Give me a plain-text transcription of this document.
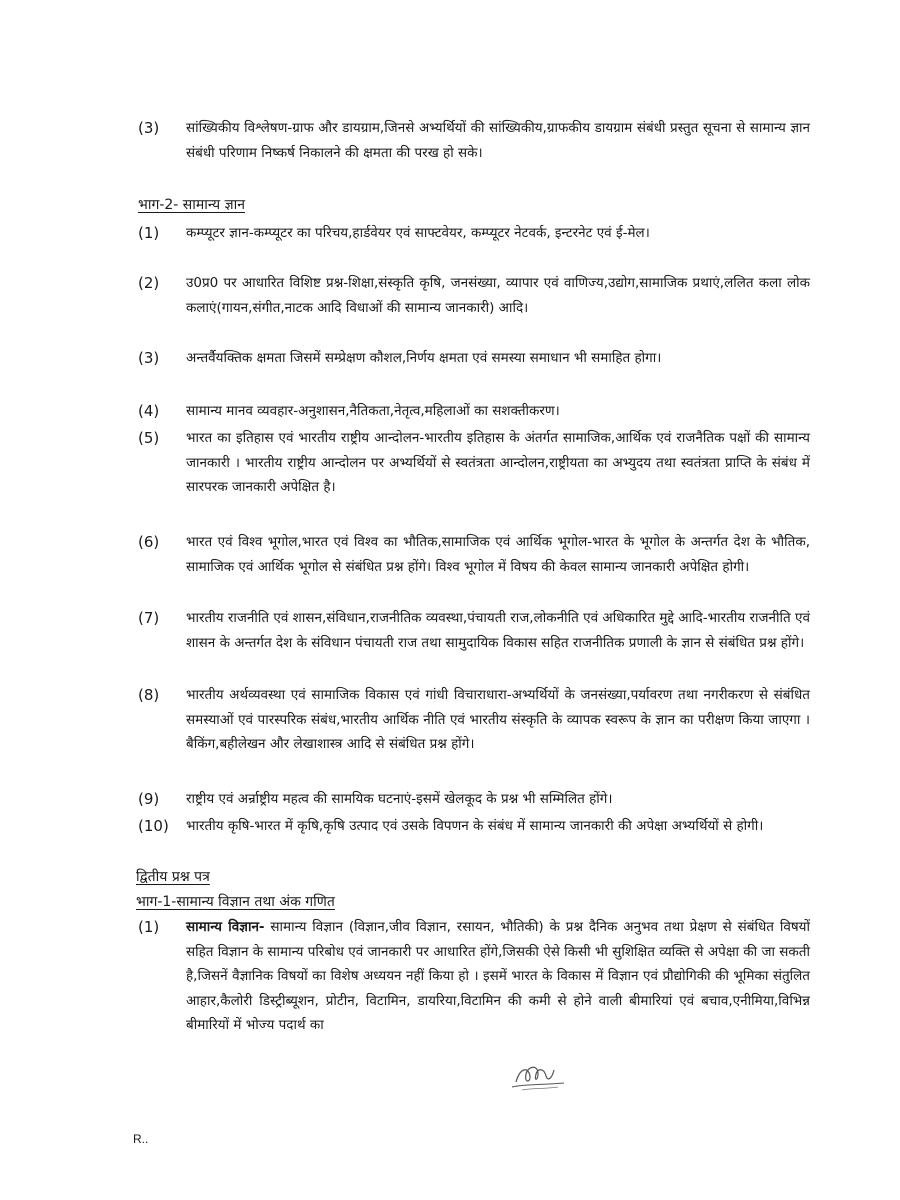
(3)	सांख्यिकीय विश्लेषण-ग्राफ और डायग्राम,जिनसे अभ्यर्थियों की सांख्यिकीय,ग्राफकीय डायग्राम संबंधी प्रस्तुत सूचना से सामान्य ज्ञान संबंधी परिणाम निष्कर्ष निकालने की क्षमता की परख हो सके।
भाग-2- सामान्य ज्ञान
(1)	कम्प्यूटर ज्ञान-कम्प्यूटर का परिचय,हार्डवेयर एवं साफ्टवेयर, कम्प्यूटर नेटवर्क, इन्टरनेट एवं ई-मेल।
(2)	उ0प्र0 पर आधारित विशिष्ट प्रश्न-शिक्षा,संस्कृति कृषि, जनसंख्या, व्यापार एवं वाणिज्य,उद्योग,सामाजिक प्रथाएं,ललित कला लोक कलाएं(गायन,संगीत,नाटक आदि विधाओं की सामान्य जानकारी) आदि।
(3)	अन्तर्वैयक्तिक क्षमता जिसमें सम्प्रेक्षण कौशल,निर्णय क्षमता एवं समस्या समाधान भी समाहित होगा।
(4)	सामान्य मानव व्यवहार-अनुशासन,नैतिकता,नेतृत्व,महिलाओं का सशक्तीकरण।
(5)	भारत का इतिहास एवं भारतीय राष्ट्रीय आन्दोलन-भारतीय इतिहास के अंतर्गत सामाजिक,आर्थिक एवं राजनैतिक पक्षों की सामान्य जानकारी । भारतीय राष्ट्रीय आन्दोलन पर अभ्यर्थियों से स्वतंत्रता आन्दोलन,राष्ट्रीयता का अभ्युदय तथा स्वतंत्रता प्राप्ति के संबंध में सारपरक जानकारी अपेक्षित है।
(6)	भारत एवं विश्व भूगोल,भारत एवं विश्व का भौतिक,सामाजिक एवं आर्थिक भूगोल-भारत के भूगोल के अन्तर्गत देश के भौतिक, सामाजिक एवं आर्थिक भूगोल से संबंधित प्रश्न होंगे। विश्व भूगोल में विषय की केवल सामान्य जानकारी अपेक्षित होगी।
(7)	भारतीय राजनीति एवं शासन,संविधान,राजनीतिक व्यवस्था,पंचायती राज,लोकनीति एवं अधिकारित मुद्दे आदि-भारतीय राजनीति एवं शासन के अन्तर्गत देश के संविधान पंचायती राज तथा सामुदायिक विकास सहित राजनीतिक प्रणाली के ज्ञान से संबंधित प्रश्न होंगे।
(8)	भारतीय अर्थव्यवस्था एवं सामाजिक विकास एवं गांधी विचाराधारा-अभ्यर्थियों के जनसंख्या,पर्यावरण तथा नगरीकरण से संबंधित समस्याओं एवं पारस्परिक संबंध,भारतीय आर्थिक नीति एवं भारतीय संस्कृति के व्यापक स्वरूप के ज्ञान का परीक्षण किया जाएगा । बैकिंग,बहीलेखन और लेखाशास्त्र आदि से संबंधित प्रश्न होंगे।
(9)	राष्ट्रीय एवं अर्न्राष्ट्रीय महत्व की सामयिक घटनाएं-इसमें खेलकूद के प्रश्न भी सम्मिलित होंगे।
(10)	भारतीय कृषि-भारत में कृषि,कृषि उत्पाद एवं उसके विपणन के संबंध में सामान्य जानकारी की अपेक्षा अभ्यर्थियों से होगी।
द्वितीय प्रश्न पत्र
भाग-1-सामान्य विज्ञान तथा अंक गणित
(1)	सामान्य विज्ञान- सामान्य विज्ञान (विज्ञान,जीव विज्ञान, रसायन, भौतिकी) के प्रश्न दैनिक अनुभव तथा प्रेक्षण से संबंधित विषयों सहित विज्ञान के सामान्य परिबोध एवं जानकारी पर आधारित होंगे,जिसकी ऐसे किसी भी सुशिक्षित व्यक्ति से अपेक्षा की जा सकती है,जिसनें वैज्ञानिक विषयों का विशेष अध्ययन नहीं किया हो । इसमें भारत के विकास में विज्ञान एवं प्रौद्योगिकी की भूमिका संतुलित आहार,कैलोरी डिस्ट्रीब्यूशन, प्रोटीन, विटामिन, डायरिया,विटामिन की कमी से होने वाली बीमारियां एवं बचाव,एनीमिया,विभिन्न बीमारियों में भोज्य पदार्थ का
R..
